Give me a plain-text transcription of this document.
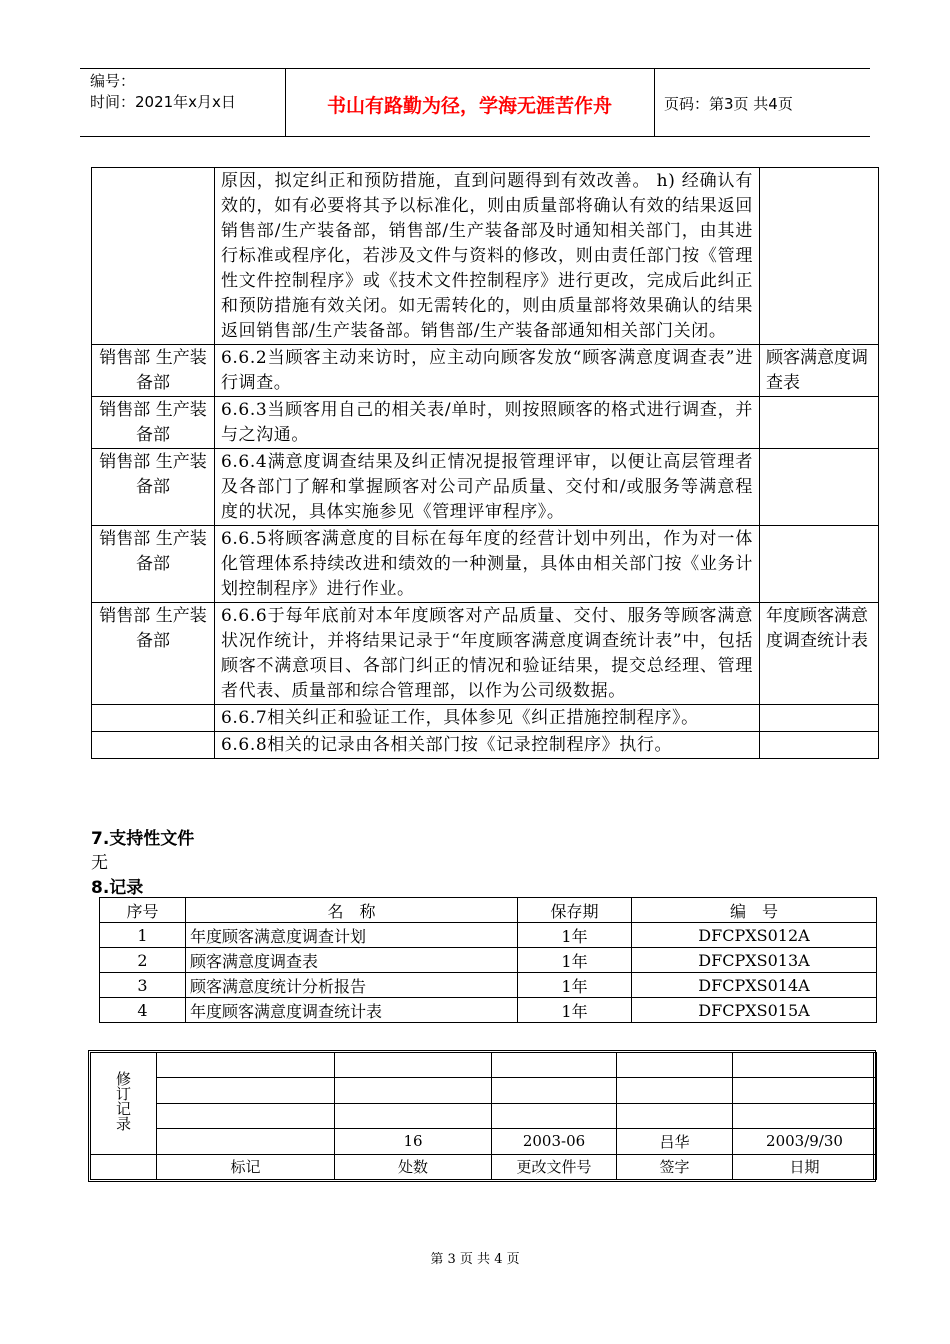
编号：
时间：2021年x月x日	书山有路勤为径，学海无涯苦作舟	页码：第3页 共4页
	原因，拟定纠正和预防措施，直到问题得到有效改善。 h) 经确认有效的，如有必要将其予以标准化，则由质量部将确认有效的结果返回销售部/生产装备部，销售部/生产装备部及时通知相关部门，由其进行标准或程序化，若涉及文件与资料的修改，则由责任部门按《管理性文件控制程序》或《技术文件控制程序》进行更改，完成后此纠正和预防措施有效关闭。如无需转化的，则由质量部将效果确认的结果返回销售部/生产装备部。销售部/生产装备部通知相关部门关闭。	
销售部 生产装备部	6.6.2当顾客主动来访时，应主动向顾客发放“顾客满意度调查表”进行调查。	顾客满意度调查表
销售部 生产装备部	6.6.3当顾客用自己的相关表/单时，则按照顾客的格式进行调查，并与之沟通。	
销售部 生产装备部	6.6.4满意度调查结果及纠正情况提报管理评审，以便让高层管理者及各部门了解和掌握顾客对公司产品质量、交付和/或服务等满意程度的状况，具体实施参见《管理评审程序》。	
销售部 生产装备部	6.6.5将顾客满意度的目标在每年度的经营计划中列出，作为对一体化管理体系持续改进和绩效的一种测量，具体由相关部门按《业务计划控制程序》进行作业。	
销售部 生产装备部	6.6.6于每年底前对本年度顾客对产品质量、交付、服务等顾客满意状况作统计，并将结果记录于“年度顾客满意度调查统计表”中，包括顾客不满意项目、各部门纠正的情况和验证结果，提交总经理、管理者代表、质量部和综合管理部，以作为公司级数据。	年度顾客满意度调查统计表
	6.6.7相关纠正和验证工作，具体参见《纠正措施控制程序》。	
	6.6.8相关的记录由各相关部门按《记录控制程序》执行。	
7.支持性文件
无
8.记录
序号	名　称	保存期	编　号
1	年度顾客满意度调查计划	1年	DFCPXS012A
2	顾客满意度调查表	1年	DFCPXS013A
3	顾客满意度统计分析报告	1年	DFCPXS014A
4	年度顾客满意度调查统计表	1年	DFCPXS015A
修订记录					

		16	2003-06	吕华	2003/9/30
	标记	处数	更改文件号	签字	日期
第 3 页 共 4 页
